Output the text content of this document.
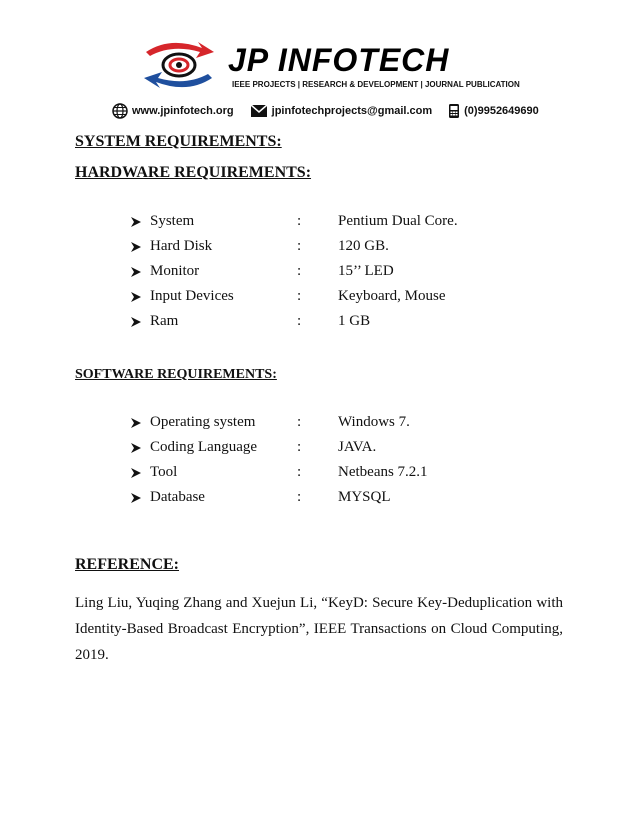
JP INFOTECH
IEEE PROJECTS | RESEARCH & DEVELOPMENT | JOURNAL PUBLICATION
www.jpinfotech.org	jpinfotechprojects@gmail.com	(0)9952649690
SYSTEM REQUIREMENTS:
HARDWARE REQUIREMENTS:
System	: Pentium Dual Core.
Hard Disk	: 120 GB.
Monitor	: 15’’ LED
Input Devices	: Keyboard, Mouse
Ram	: 1 GB
SOFTWARE REQUIREMENTS:
Operating system	: Windows 7.
Coding Language	: JAVA.
Tool	: Netbeans 7.2.1
Database	: MYSQL
REFERENCE:
Ling Liu, Yuqing Zhang and Xuejun Li, “KeyD: Secure Key-Deduplication with Identity-Based Broadcast Encryption”, IEEE Transactions on Cloud Computing, 2019.
